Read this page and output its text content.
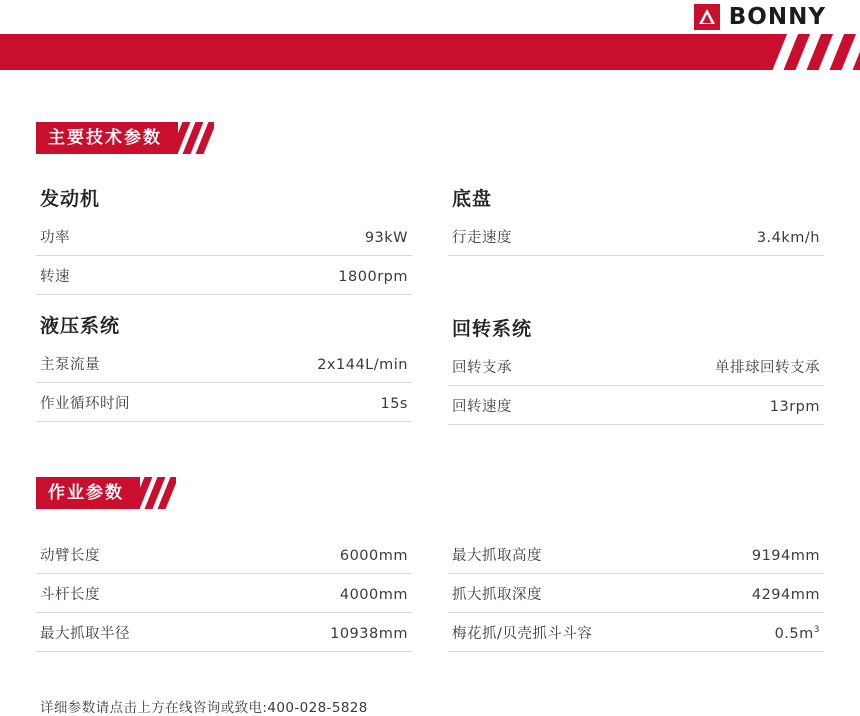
BONNY
主要技术参数
发动机
功率	93kW
转速	1800rpm
液压系统
主泵流量	2x144L/min
作业循环时间	15s
底盘
行走速度	3.4km/h
回转系统
回转支承	单排球回转支承
回转速度	13rpm
作业参数
动臂长度	6000mm
斗杆长度	4000mm
最大抓取半径	10938mm
最大抓取高度	9194mm
抓大抓取深度	4294mm
梅花抓/贝壳抓斗斗容	$0.5m^3$
详细参数请点击上方在线咨询或致电:400-028-5828
